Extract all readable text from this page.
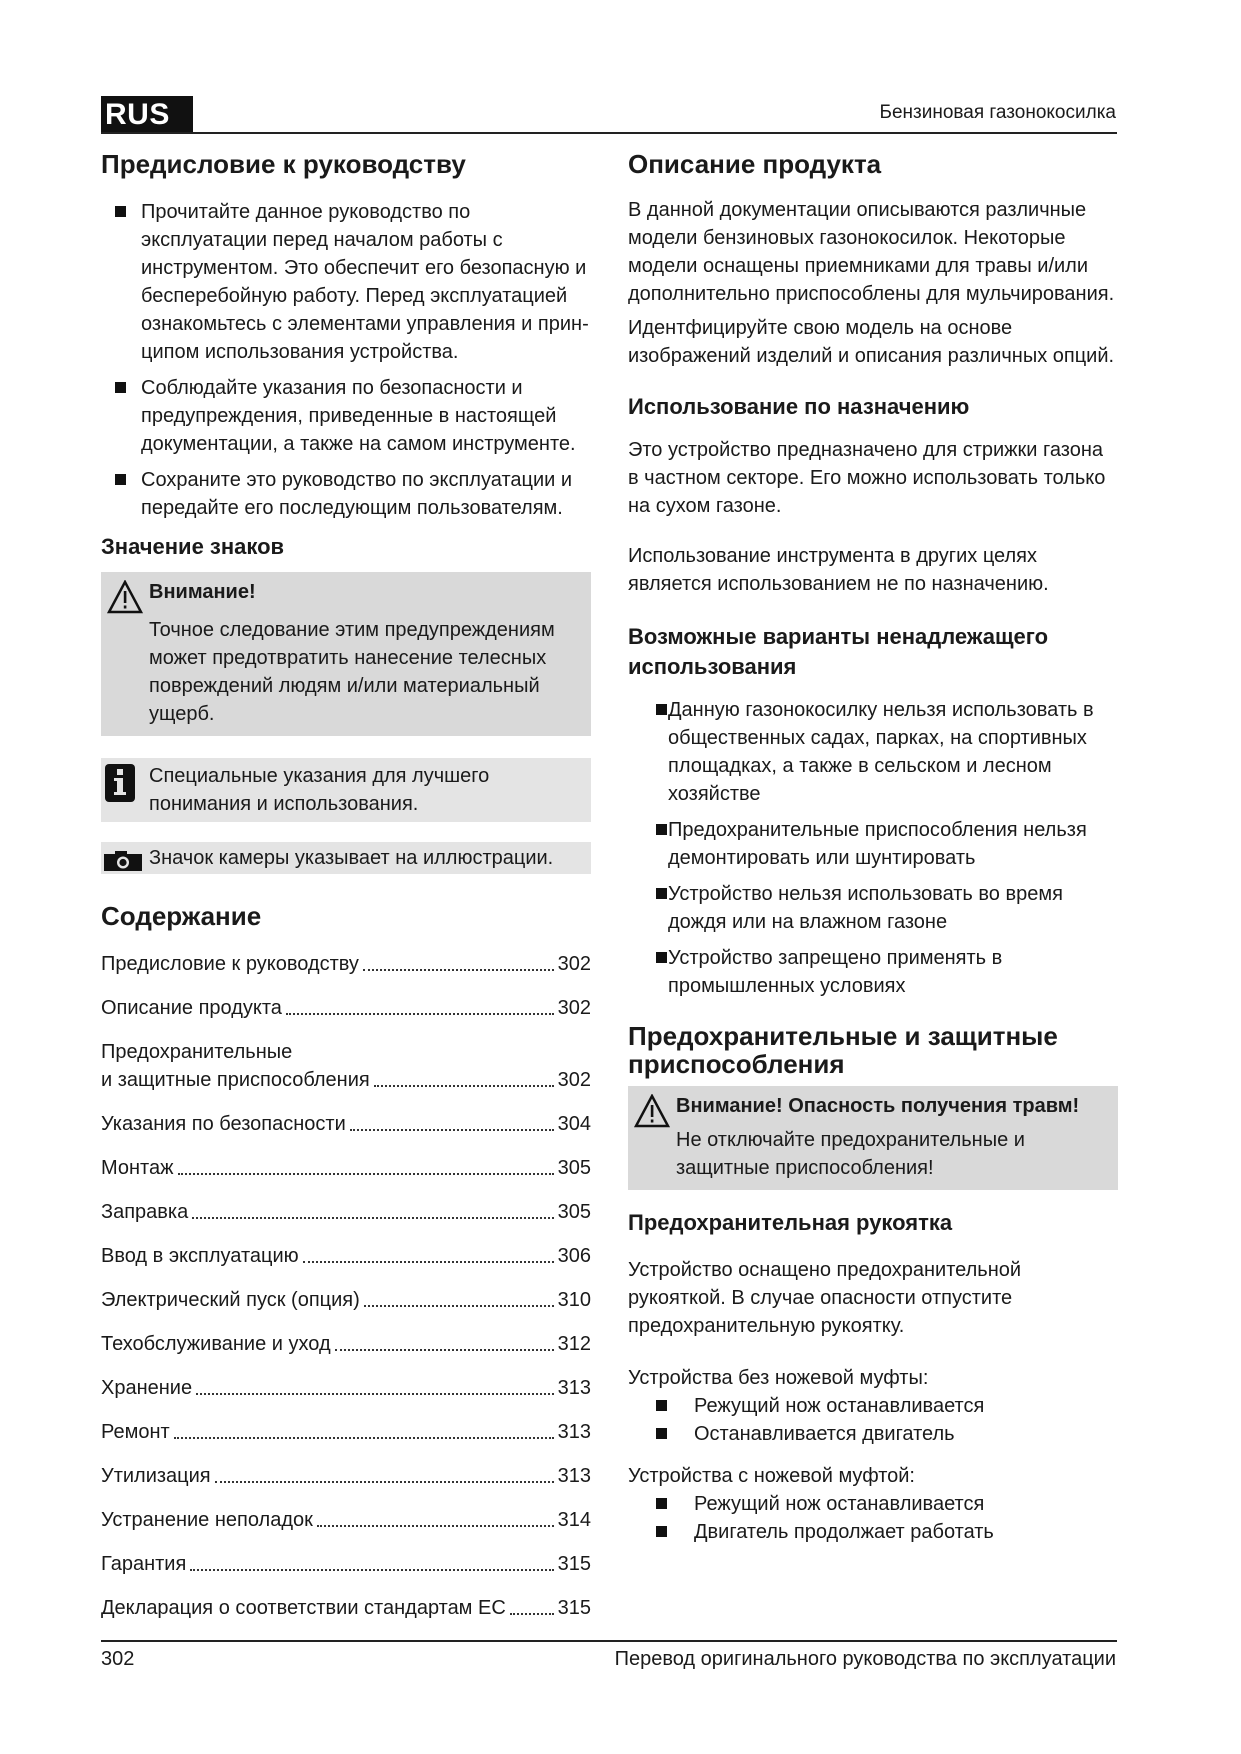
RUS	Бензиновая газонокосилка
Предисловие к руководству
Прочитайте данное руководство по эксплуатации перед началом работы с инструментом. Это обеспечит его безопасную и бесперебойную работу. Перед эксплуатацией ознакомьтесь с элементами управления и прин-ципом использования устройства.
Соблюдайте указания по безопасности и предупреждения, приведенные в настоящей документации, а также на самом инструменте.
Сохраните это руководство по эксплуатации и передайте его последующим пользователям.
Значение знаков

Внимание!

Точное следование этим предупреждениям может предотвратить нанесение телесных повреждений людям и/или материальный ущерб.

Специальные указания для лучшего понимания и использования.

Значок камеры указывает на иллюстрации.

Содержание
Предисловие к руководству	302
Описание продукта	302
Предохранительные
и защитные приспособления	302
Указания по безопасности	304
Монтаж	305
Заправка	305
Ввод в эксплуатацию	306
Электрический пуск (опция)	310
Техобслуживание и уход	312
Хранение	313
Ремонт	313
Утилизация	313
Устранение неполадок	314
Гарантия	315
Декларация о соответствии стандартам ЕС	315
Описание продукта

В данной документации описываются различные модели бензиновых газонокосилок. Некоторые модели оснащены приемниками для травы и/или дополнительно приспособлены для мульчирования.

Идентфицируйте свою модель на основе изображений изделий и описания различных опций.

Использование по назначению

Это устройство предназначено для стрижки газона в частном секторе. Его можно использовать только на сухом газоне.

Использование инструмента в других целях является использованием не по назначению.

Возможные варианты ненадлежащего использования
Данную газонокосилку нельзя использовать в общественных садах, парках, на спортивных площадках, а также в сельском и лесном хозяйстве
Предохранительные приспособления нельзя демонтировать или шунтировать
Устройство нельзя использовать во время дождя или на влажном газоне
Устройство запрещено применять в промышленных условиях
Предохранительные и защитные приспособления

Внимание! Опасность получения травм!

Не отключайте предохранительные и защитные приспособления!

Предохранительная рукоятка

Устройство оснащено предохранительной рукояткой. В случае опасности отпустите предохранительную рукоятку.

Устройства без ножевой муфты:

Режущий нож останавливается
Останавливается двигатель

Устройства с ножевой муфтой:

Режущий нож останавливается
Двигатель продолжает работать
302	Перевод оригинального руководства по эксплуатации
